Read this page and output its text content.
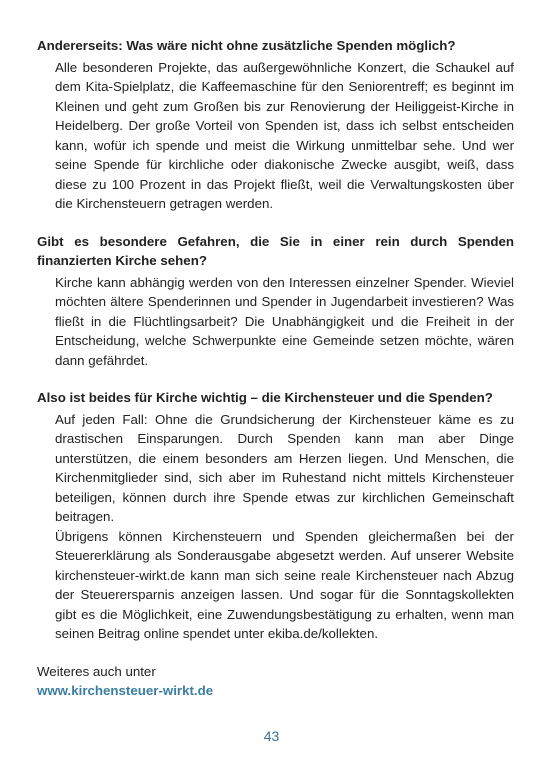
Andererseits: Was wäre nicht ohne zusätzliche Spenden möglich?

Alle besonderen Projekte, das außergewöhnliche Konzert, die Schaukel auf dem Kita-Spielplatz, die Kaffeemaschine für den Seniorentreff; es beginnt im Kleinen und geht zum Großen bis zur Renovierung der Heiliggeist-Kirche in Heidelberg. Der große Vorteil von Spenden ist, dass ich selbst entscheiden kann, wofür ich spende und meist die Wirkung unmittelbar sehe. Und wer seine Spende für kirchliche oder diakonische Zwecke ausgibt, weiß, dass diese zu 100 Prozent in das Projekt fließt, weil die Verwaltungskosten über die Kirchensteuern getragen werden.

Gibt es besondere Gefahren, die Sie in einer rein durch Spenden finanzierten Kirche sehen?

Kirche kann abhängig werden von den Interessen einzelner Spender. Wieviel möchten ältere Spenderinnen und Spender in Jugendarbeit investieren? Was fließt in die Flüchtlingsarbeit? Die Unabhängigkeit und die Freiheit in der Entscheidung, welche Schwerpunkte eine Gemeinde setzen möchte, wären dann gefährdet.

Also ist beides für Kirche wichtig – die Kirchensteuer und die Spenden?

Auf jeden Fall: Ohne die Grundsicherung der Kirchensteuer käme es zu drastischen Einsparungen. Durch Spenden kann man aber Dinge unterstützen, die einem besonders am Herzen liegen. Und Menschen, die Kirchenmitglieder sind, sich aber im Ruhestand nicht mittels Kirchensteuer beteiligen, können durch ihre Spende etwas zur kirchlichen Gemeinschaft beitragen.

Übrigens können Kirchensteuern und Spenden gleichermaßen bei der Steuererklärung als Sonderausgabe abgesetzt werden. Auf unserer Website kirchensteuer-wirkt.de kann man sich seine reale Kirchensteuer nach Abzug der Steuerersparnis anzeigen lassen. Und sogar für die Sonntagskollekten gibt es die Möglichkeit, eine Zuwendungsbestätigung zu erhalten, wenn man seinen Beitrag online spendet unter ekiba.de/kollekten.

Weiteres auch unter
www.kirchensteuer-wirkt.de
43
